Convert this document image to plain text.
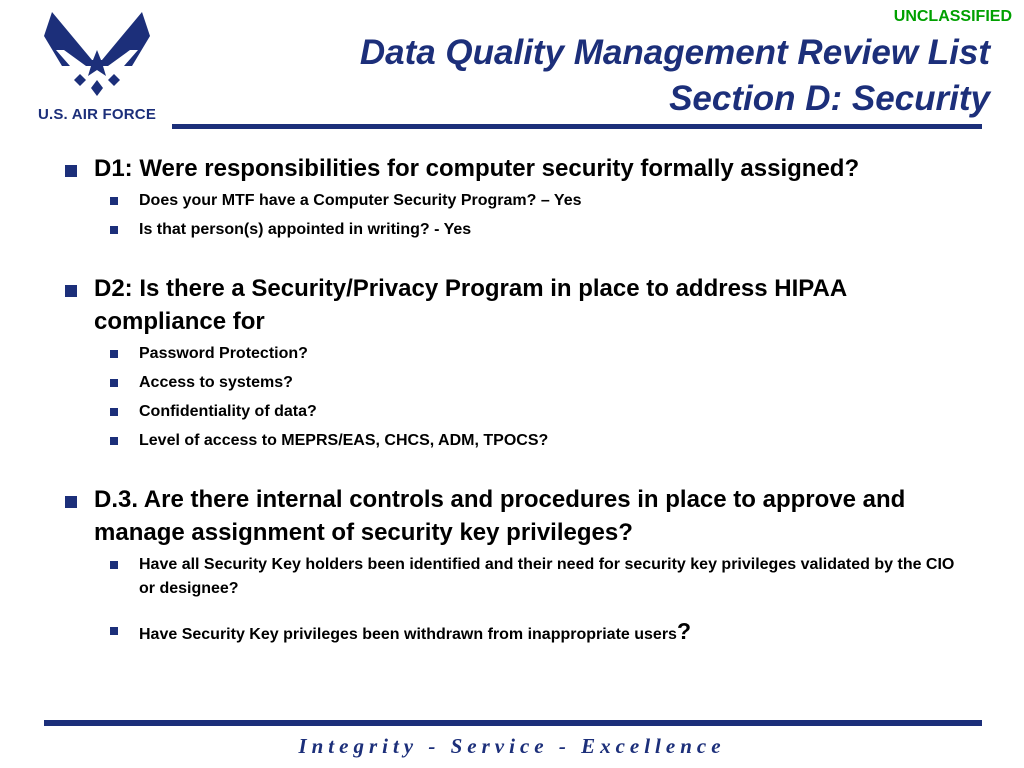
UNCLASSIFIED
U.S. AIR FORCE
Data Quality Management Review List
Section D: Security
D1: Were responsibilities for computer security formally assigned?
Does your MTF have a Computer Security Program? – Yes
Is that person(s) appointed in writing? - Yes
D2: Is there a Security/Privacy Program in place to address HIPAA compliance for
Password Protection?
Access to systems?
Confidentiality of data?
Level of access to MEPRS/EAS, CHCS, ADM, TPOCS?
D.3. Are there internal controls and procedures in place to approve and manage assignment of security key privileges?
Have all Security Key holders been identified and their need for security key privileges validated by the CIO or designee?
Have Security Key privileges been withdrawn from inappropriate users?
Integrity - Service - Excellence
